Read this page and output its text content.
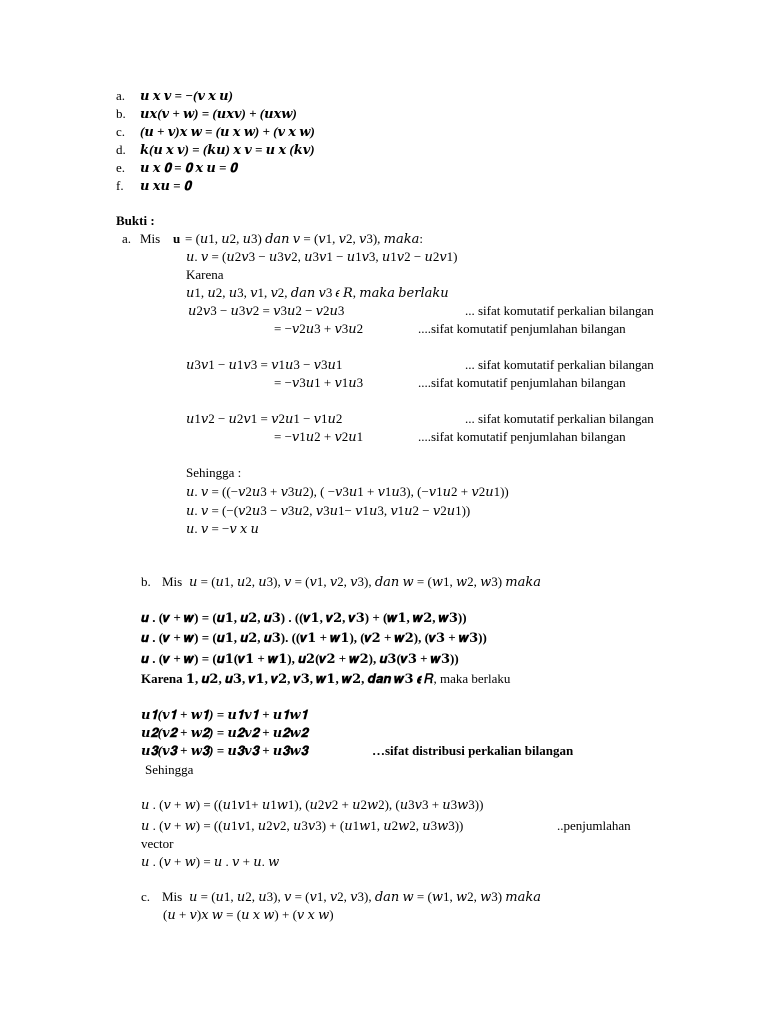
a. 𝒖 𝒙 𝒗 = −(𝒗 𝒙 𝒖)
b. 𝒖𝒙(𝒗 + 𝒘) = (𝒖𝒙𝒗) + (𝒖𝒙𝒘)
c. (𝒖 + 𝒗)𝒙 𝒘 = (𝒖 𝒙 𝒘) + (𝒗 𝒙 𝒘)
d. 𝒌(𝒖 𝒙 𝒗) = (𝒌𝒖) 𝒙 𝒗 = 𝒖 𝒙 (𝒌𝒗)
e. 𝒖 𝒙 𝟎 = 𝟎 𝒙 𝒖 = 𝟎
f. 𝒖 𝒙𝒖 = 𝟎
Bukti :
a. Mis u = (𝑢1, 𝑢2, 𝑢3) 𝑑𝑎𝑛 𝑣 = (𝑣1, 𝑣2, 𝑣3), 𝑚𝑎𝑘𝑎:
𝑢. 𝑣 = (𝑢2𝑣3 − 𝑢3𝑣2, 𝑢3𝑣1 − 𝑢1𝑣3, 𝑢1𝑣2 − 𝑢2𝑣1)
Karena
𝑢1, 𝑢2, 𝑢3, 𝑣1, 𝑣2, 𝑑𝑎𝑛 𝑣3 𝜖 𝑅, 𝑚𝑎𝑘𝑎 𝑏𝑒𝑟𝑙𝑎𝑘𝑢
𝑢2𝑣3 − 𝑢3𝑣2 = 𝑣3𝑢2 − 𝑣2𝑢3	... sifat komutatif perkalian bilangan
= −𝑣2𝑢3 + 𝑣3𝑢2	....sifat komutatif penjumlahan bilangan
𝑢3𝑣1 − 𝑢1𝑣3 = 𝑣1𝑢3 − 𝑣3𝑢1	... sifat komutatif perkalian bilangan
= −𝑣3𝑢1 + 𝑣1𝑢3	....sifat komutatif penjumlahan bilangan
𝑢1𝑣2 − 𝑢2𝑣1 = 𝑣2𝑢1 − 𝑣1𝑢2	... sifat komutatif perkalian bilangan
= −𝑣1𝑢2 + 𝑣2𝑢1	....sifat komutatif penjumlahan bilangan
Sehingga :
𝑢. 𝑣 = ((−𝑣2𝑢3 + 𝑣3𝑢2), ( −𝑣3𝑢1 + 𝑣1𝑢3), (−𝑣1𝑢2 + 𝑣2𝑢1))
𝑢. 𝑣 = (−(𝑣2𝑢3 − 𝑣3𝑢2, 𝑣3𝑢1− 𝑣1𝑢3, 𝑣1𝑢2 − 𝑣2𝑢1))
𝑢. 𝑣 = −𝑣 𝑥 𝑢
b. Mis 𝑢 = (𝑢1, 𝑢2, 𝑢3), 𝑣 = (𝑣1, 𝑣2, 𝑣3), 𝑑𝑎𝑛 𝑤 = (𝑤1, 𝑤2, 𝑤3) 𝑚𝑎𝑘𝑎
𝒖 . (𝒗 + 𝒘) = (𝒖𝟏, 𝒖𝟐, 𝒖𝟑) . ((𝒗𝟏, 𝒗𝟐, 𝒗𝟑) + (𝒘𝟏, 𝒘𝟐, 𝒘𝟑))
𝒖 . (𝒗 + 𝒘) = (𝒖𝟏, 𝒖𝟐, 𝒖𝟑). ((𝒗𝟏 + 𝒘𝟏), (𝒗𝟐 + 𝒘𝟐), (𝒗𝟑 + 𝒘𝟑))
𝒖 . (𝒗 + 𝒘) = (𝒖𝟏(𝒗𝟏 + 𝒘𝟏), 𝒖𝟐(𝒗𝟐 + 𝒘𝟐), 𝒖𝟑(𝒗𝟑 + 𝒘𝟑))
Karena 𝟏, 𝒖𝟐, 𝒖𝟑, 𝒗𝟏, 𝒗𝟐, 𝒗𝟑, 𝒘𝟏, 𝒘𝟐, 𝒅𝒂𝒏 𝒘𝟑 𝝐 𝑅, maka berlaku
𝒖𝟏(𝒗𝟏 + 𝒘𝟏) = 𝒖𝟏𝒗𝟏 + 𝒖𝟏𝒘𝟏
𝒖𝟐(𝒗𝟐 + 𝒘𝟐) = 𝒖𝟐𝒗𝟐 + 𝒖𝟐𝒘𝟐
𝒖𝟑(𝒗𝟑 + 𝒘𝟑) = 𝒖𝟑𝒗𝟑 + 𝒖𝟑𝒘𝟑	…sifat distribusi perkalian bilangan
Sehingga
𝑢 . (𝑣 + 𝑤) = ((𝑢1𝑣1+ 𝑢1𝑤1), (𝑢2𝑣2 + 𝑢2𝑤2), (𝑢3𝑣3 + 𝑢3𝑤3))
𝑢 . (𝑣 + 𝑤) = ((𝑢1𝑣1, 𝑢2𝑣2, 𝑢3𝑣3) + (𝑢1𝑤1, 𝑢2𝑤2, 𝑢3𝑤3))	..penjumlahan
vector
𝑢 . (𝑣 + 𝑤) = 𝑢 . 𝑣 + 𝑢. 𝑤
c. Mis 𝑢 = (𝑢1, 𝑢2, 𝑢3), 𝑣 = (𝑣1, 𝑣2, 𝑣3), 𝑑𝑎𝑛 𝑤 = (𝑤1, 𝑤2, 𝑤3) 𝑚𝑎𝑘𝑎
(𝑢 + 𝑣)𝑥 𝑤 = (𝑢 𝑥 𝑤) + (𝑣 𝑥 𝑤)
